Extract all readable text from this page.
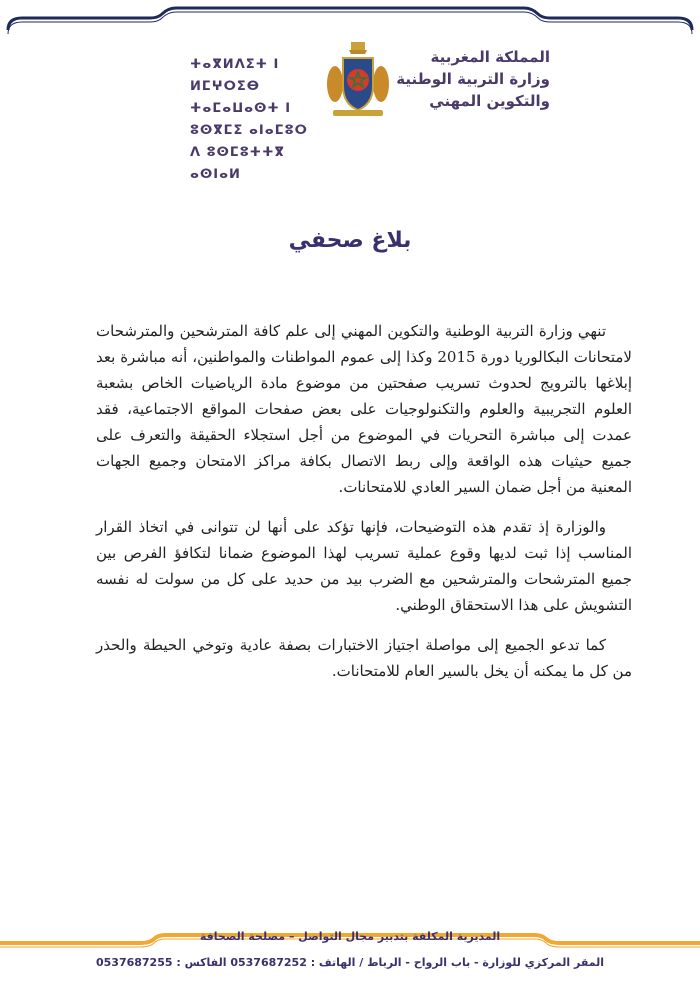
المملكة المغربية
وزارة التربية الوطنية
والتكوين المهني
ⵜⴰⴳⵍⴷⵉⵜ ⵏ ⵍⵎⵖⵔⵉⴱ
ⵜⴰⵎⴰⵡⴰⵙⵜ ⵏ ⵓⵙⴳⵎⵉ ⴰⵏⴰⵎⵓⵔ
ⴷ ⵓⵙⵎⵓⵜⵜⴳ ⴰⵙⵏⴰⵍ
بلاغ صحفي

تنهي وزارة التربية الوطنية والتكوين المهني إلى علم كافة المترشحين والمترشحات لامتحانات البكالوريا دورة 2015 وكذا إلى عموم المواطنات والمواطنين، أنه مباشرة بعد إبلاغها بالترويج لحدوث تسريب صفحتين من موضوع مادة الرياضيات الخاص بشعبة العلوم التجريبية والعلوم والتكنولوجيات على بعض صفحات المواقع الاجتماعية، فقد عمدت إلى مباشرة التحريات في الموضوع من أجل استجلاء الحقيقة والتعرف على جميع حيثيات هذه الواقعة وإلى ربط الاتصال بكافة مراكز الامتحان وجميع الجهات المعنية من أجل ضمان السير العادي للامتحانات.

والوزارة إذ تقدم هذه التوضيحات، فإنها تؤكد على أنها لن تتوانى في اتخاذ القرار المناسب إذا ثبت لديها وقوع عملية تسريب لهذا الموضوع ضمانا لتكافؤ الفرص بين جميع المترشحات والمترشحين مع الضرب بيد من حديد على كل من سولت له نفسه التشويش على هذا الاستحقاق الوطني.

كما تدعو الجميع إلى مواصلة اجتياز الاختبارات بصفة عادية وتوخي الحيطة والحذر من كل ما يمكنه أن يخل بالسير العام للامتحانات.

المديرية المكلفة بتدبير مجال التواصل – مصلحة الصحافة
المقر المركزي للوزارة - باب الرواح - الرباط / الهاتف : 0537687252 الفاكس : 0537687255
